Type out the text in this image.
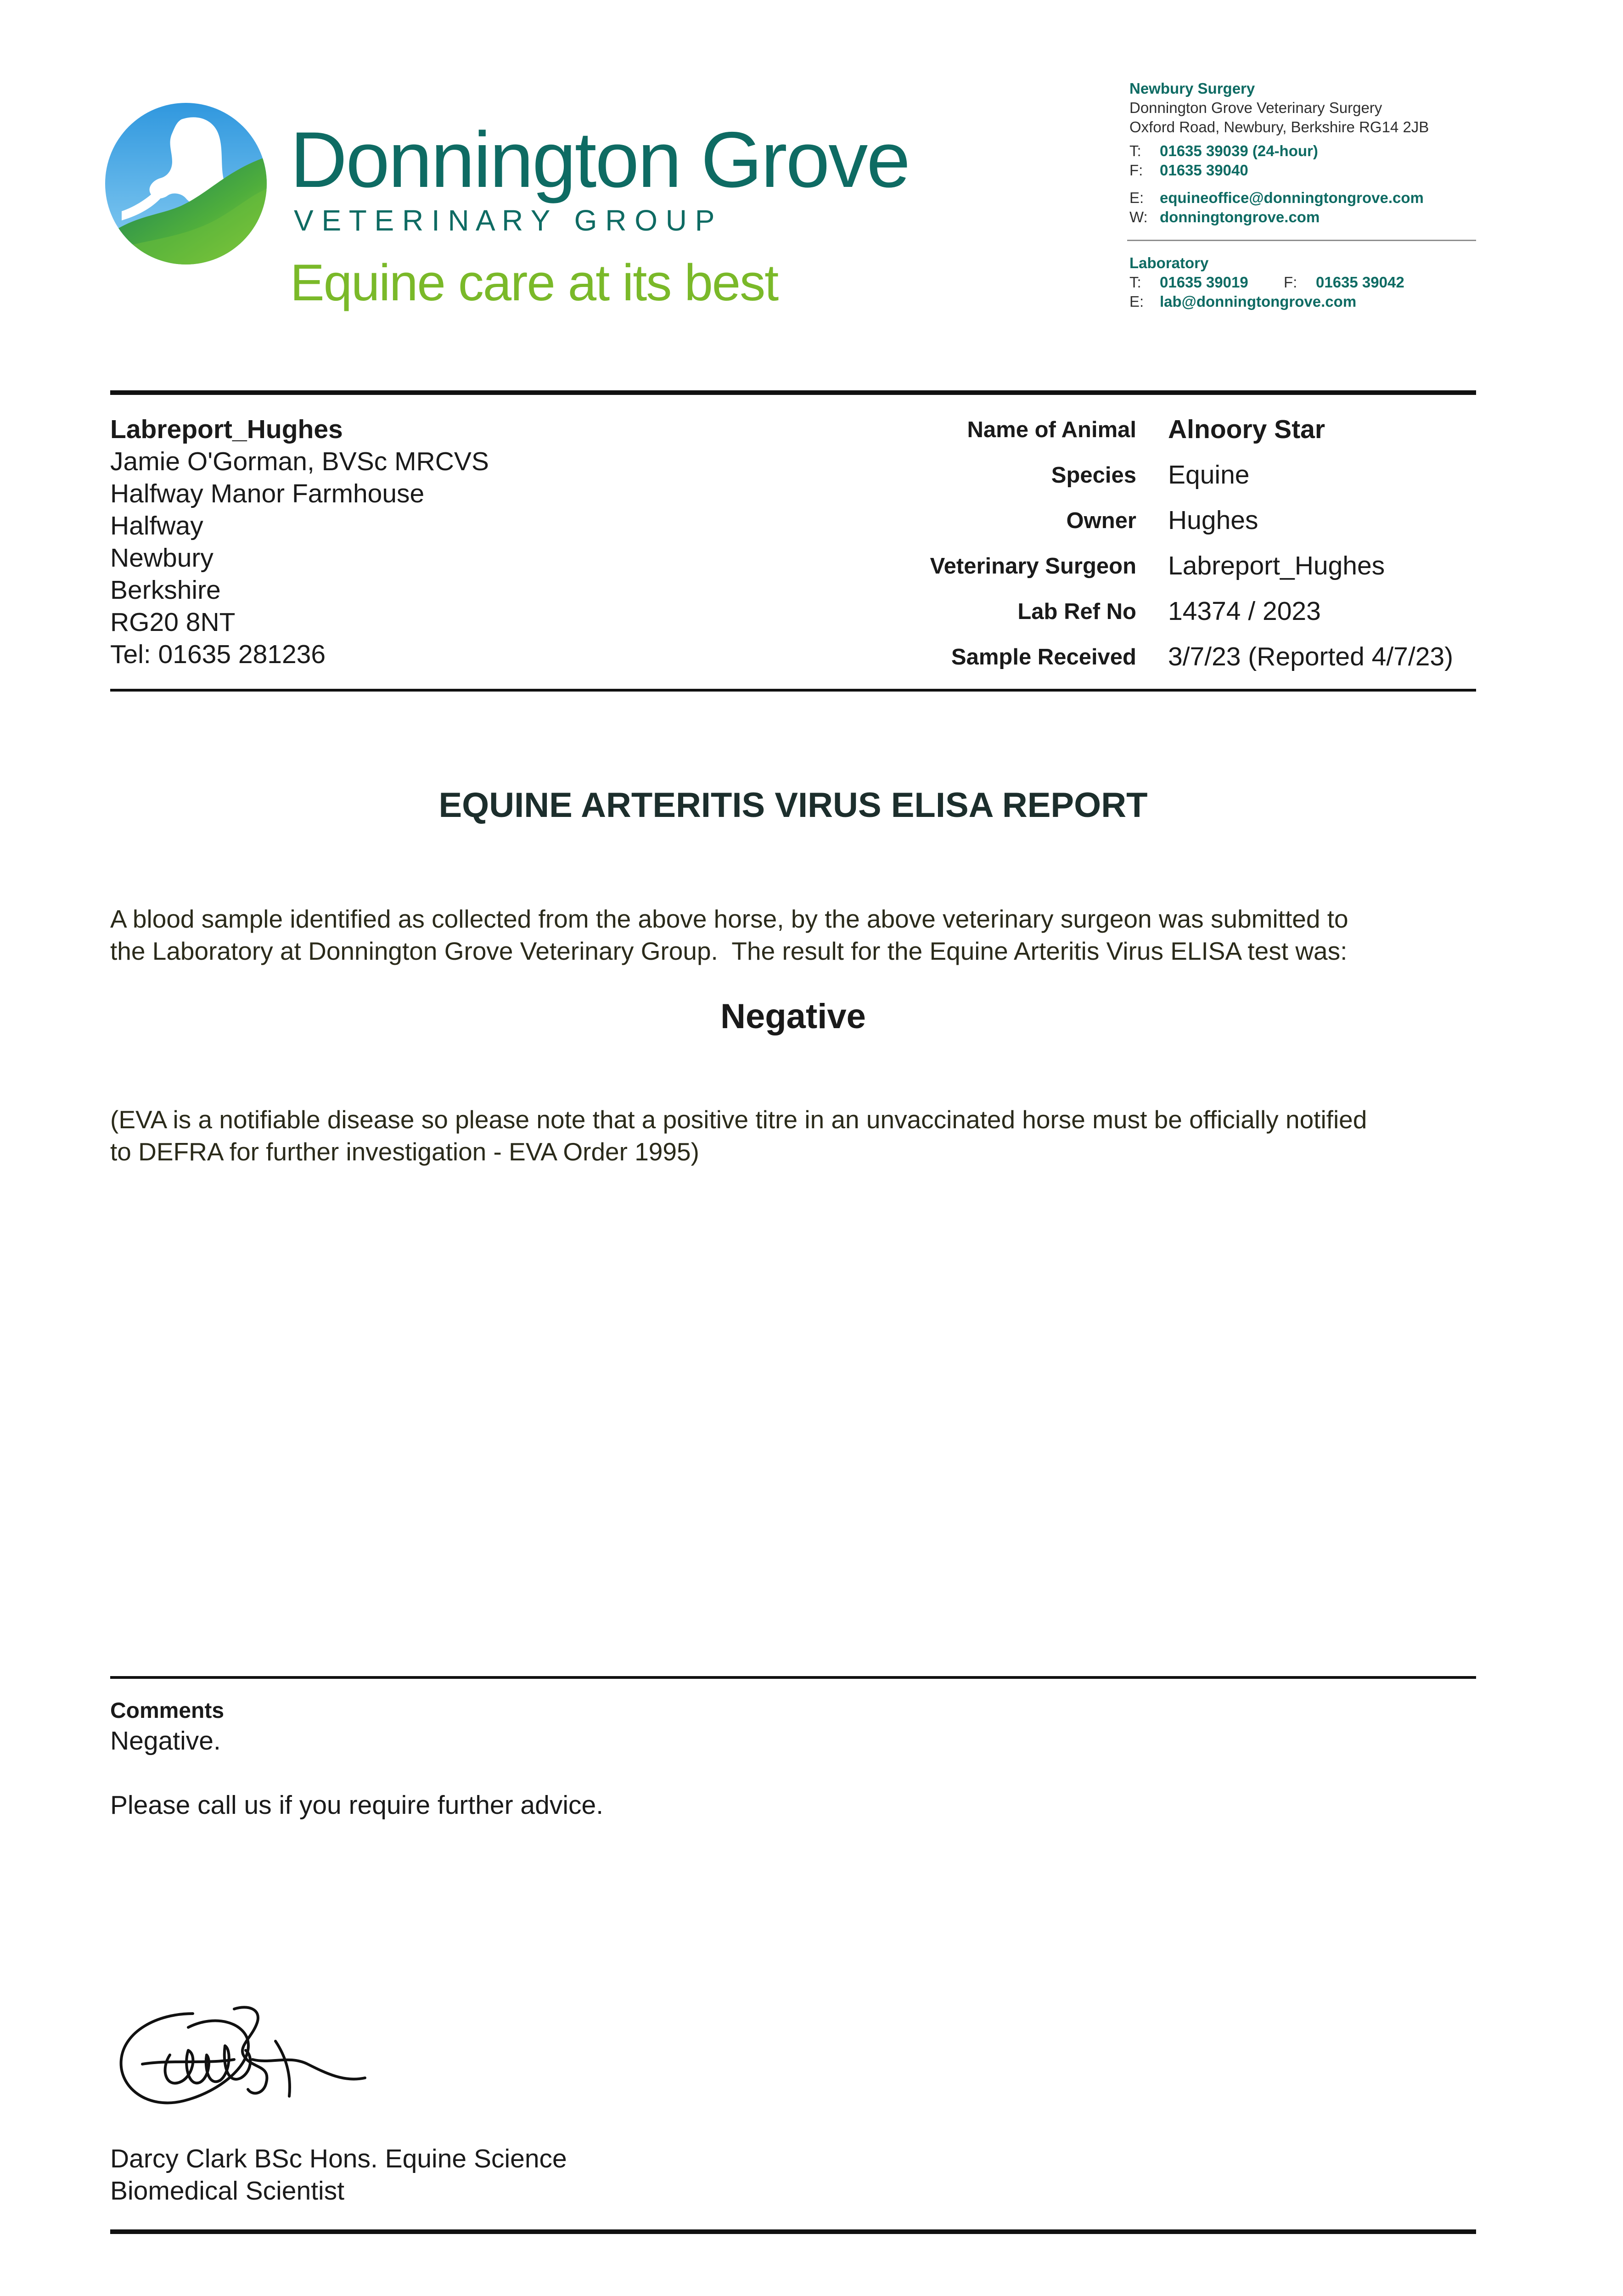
Donnington Grove
V E T E R I N A R Y   G R O U P
Equine care at its best
Newbury Surgery
Donnington Grove Veterinary Surgery
Oxford Road, Newbury, Berkshire RG14 2JB
T: 01635 39039 (24-hour)
F: 01635 39040
E: equineoffice@donningtongrove.com
W: donningtongrove.com
Laboratory
T: 01635 39019 F: 01635 39042
E: lab@donningtongrove.com
Labreport_Hughes
Jamie O'Gorman, BVSc MRCVS
Halfway Manor Farmhouse
Halfway
Newbury
Berkshire
RG20 8NT
Tel: 01635 281236
Name of Animal Alnoory Star
Species Equine
Owner Hughes
Veterinary Surgeon Labreport_Hughes
Lab Ref No 14374 / 2023
Sample Received 3/7/23 (Reported 4/7/23)
EQUINE ARTERITIS VIRUS ELISA REPORT
A blood sample identified as collected from the above horse, by the above veterinary surgeon was submitted to
the Laboratory at Donnington Grove Veterinary Group.  The result for the Equine Arteritis Virus ELISA test was:
Negative
(EVA is a notifiable disease so please note that a positive titre in an unvaccinated horse must be officially notified
to DEFRA for further investigation - EVA Order 1995)
Comments
Negative.
Please call us if you require further advice.
Darcy Clark BSc Hons. Equine Science
Biomedical Scientist
